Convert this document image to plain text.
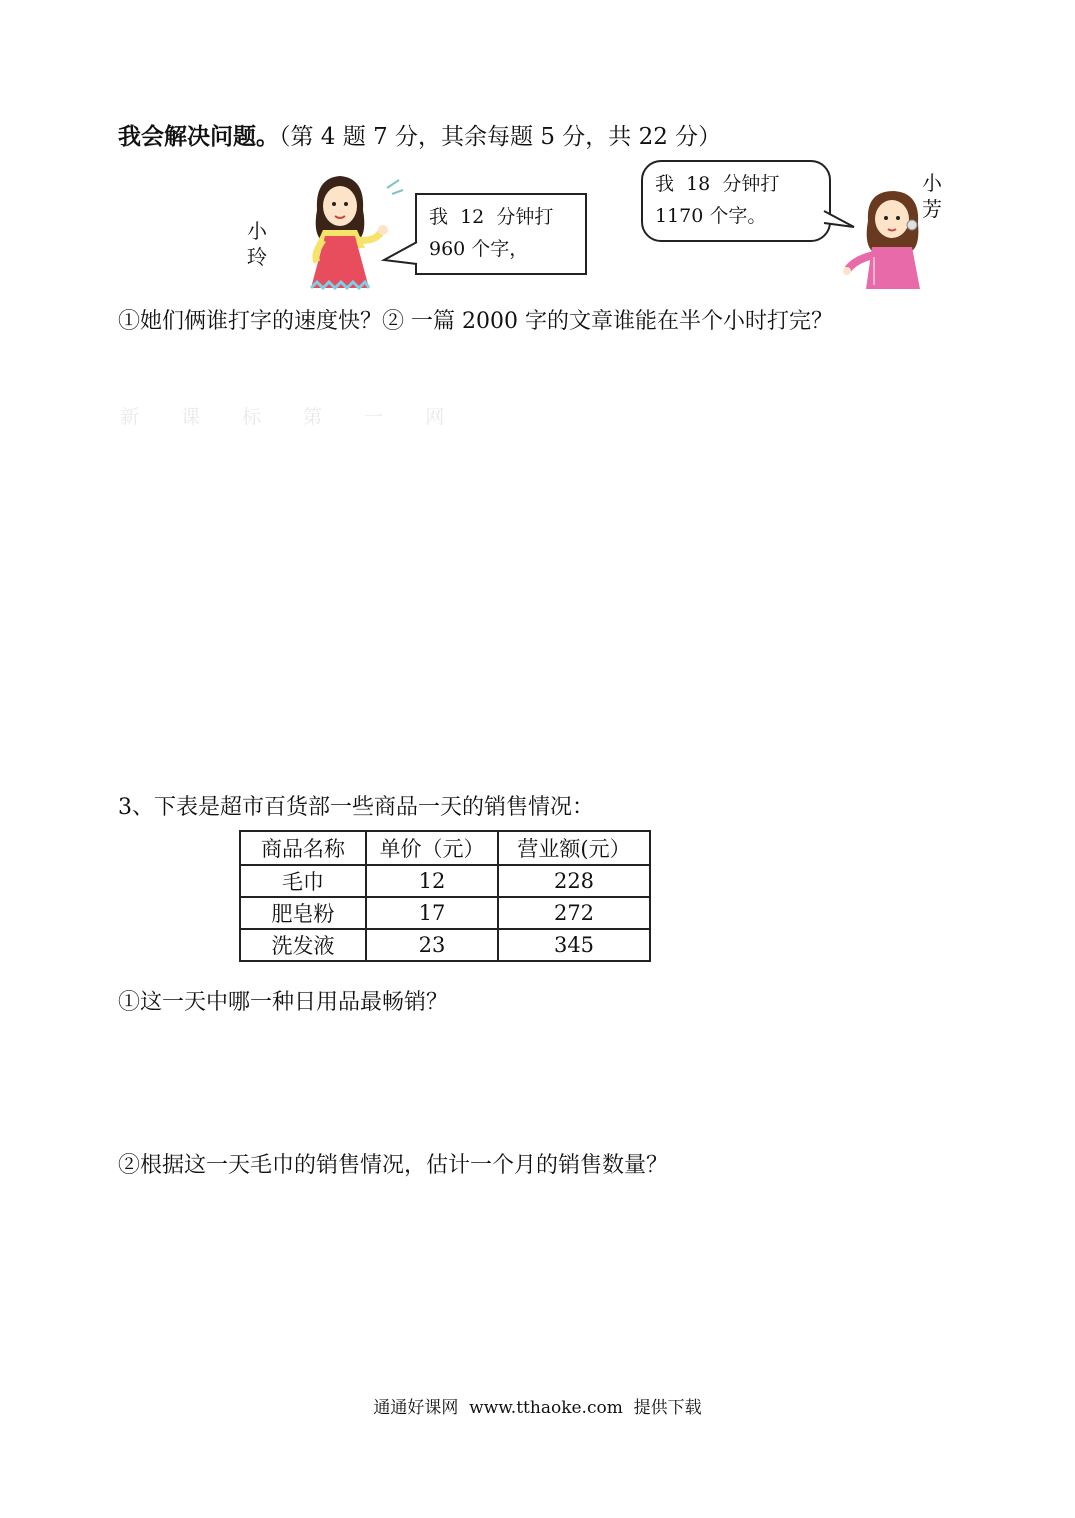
我会解决问题。（第 4 题 7 分，其余每题 5 分，共 22 分）
小
玲
我  12  分钟打
960 个字，
我  18  分钟打
1170 个字。
小
芳
①她们俩谁打字的速度快？② 一篇 2000 字的文章谁能在半个小时打完？
新 课 标 第 一 网
3、下表是超市百货部一些商品一天的销售情况：
商品名称	单价（元）	营业额(元）
毛巾	12	228
肥皂粉	17	272
洗发液	23	345
①这一天中哪一种日用品最畅销？
②根据这一天毛巾的销售情况，估计一个月的销售数量？
通通好课网  www.tthaoke.com  提供下载
